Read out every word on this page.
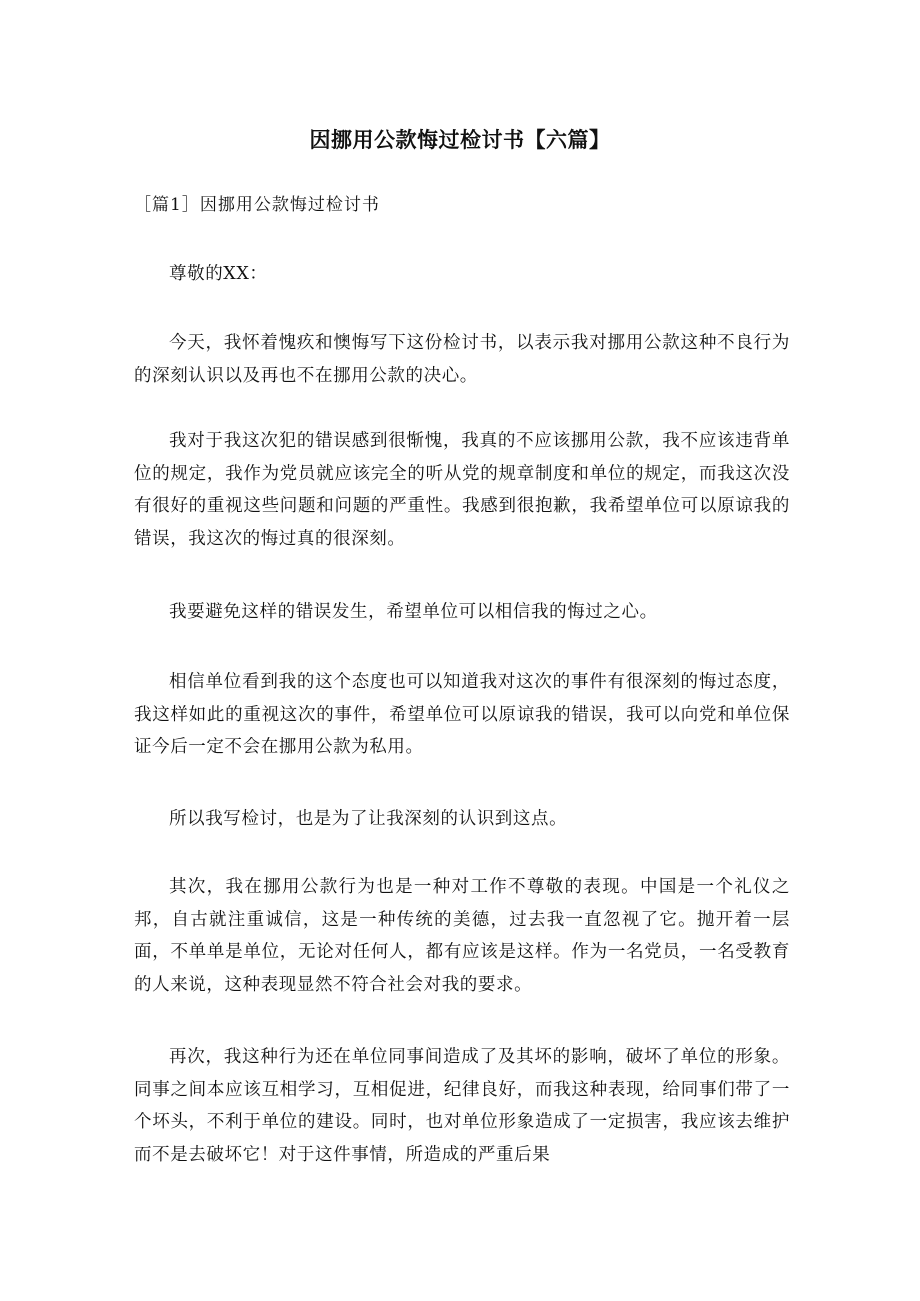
因挪用公款悔过检讨书【六篇】

［篇1］因挪用公款悔过检讨书

尊敬的XX：

今天，我怀着愧疚和懊悔写下这份检讨书，以表示我对挪用公款这种不良行为的深刻认识以及再也不在挪用公款的决心。

我对于我这次犯的错误感到很惭愧，我真的不应该挪用公款，我不应该违背单位的规定，我作为党员就应该完全的听从党的规章制度和单位的规定，而我这次没有很好的重视这些问题和问题的严重性。我感到很抱歉，我希望单位可以原谅我的错误，我这次的悔过真的很深刻。

我要避免这样的错误发生，希望单位可以相信我的悔过之心。

相信单位看到我的这个态度也可以知道我对这次的事件有很深刻的悔过态度，我这样如此的重视这次的事件，希望单位可以原谅我的错误，我可以向党和单位保证今后一定不会在挪用公款为私用。

所以我写检讨，也是为了让我深刻的认识到这点。

其次，我在挪用公款行为也是一种对工作不尊敬的表现。中国是一个礼仪之邦，自古就注重诚信，这是一种传统的美德，过去我一直忽视了它。抛开着一层面，不单单是单位，无论对任何人，都有应该是这样。作为一名党员，一名受教育的人来说，这种表现显然不符合社会对我的要求。

再次，我这种行为还在单位同事间造成了及其坏的影响，破坏了单位的形象。同事之间本应该互相学习，互相促进，纪律良好，而我这种表现，给同事们带了一个坏头，不利于单位的建设。同时，也对单位形象造成了一定损害，我应该去维护而不是去破坏它！对于这件事情，所造成的严重后果
